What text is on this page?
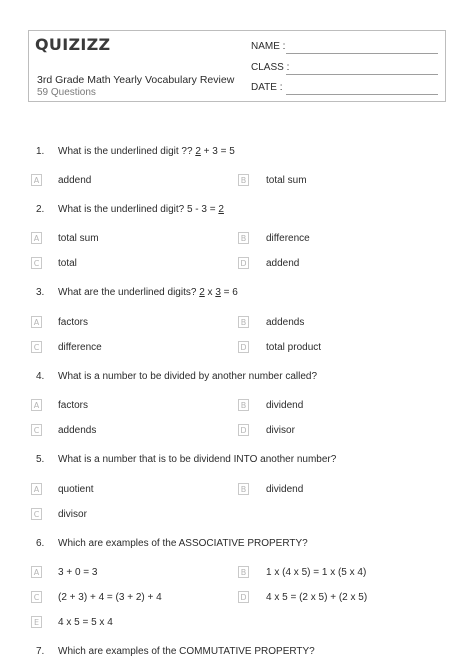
QUIZIZZ
3rd Grade Math Yearly Vocabulary Review
59 Questions
NAME :
CLASS :
DATE :
1. What is the underlined digit ?? 2 + 3 = 5
A addend	B total sum
2. What is the underlined digit? 5 - 3 = 2
A total sum	B difference
C total	D addend
3. What are the underlined digits? 2 x 3 = 6
A factors	B addends
C difference	D total product
4. What is a number to be divided by another number called?
A factors	B dividend
C addends	D divisor
5. What is a number that is to be dividend INTO another number?
A quotient	B dividend
C divisor
6. Which are examples of the ASSOCIATIVE PROPERTY?
A 3 + 0 = 3	B 1 x (4 x 5) = 1 x (5 x 4)
C (2 + 3) + 4 = (3 + 2) + 4	D 4 x 5 = (2 x 5) + (2 x 5)
E 4 x 5 = 5 x 4
7. Which are examples of the COMMUTATIVE PROPERTY?
